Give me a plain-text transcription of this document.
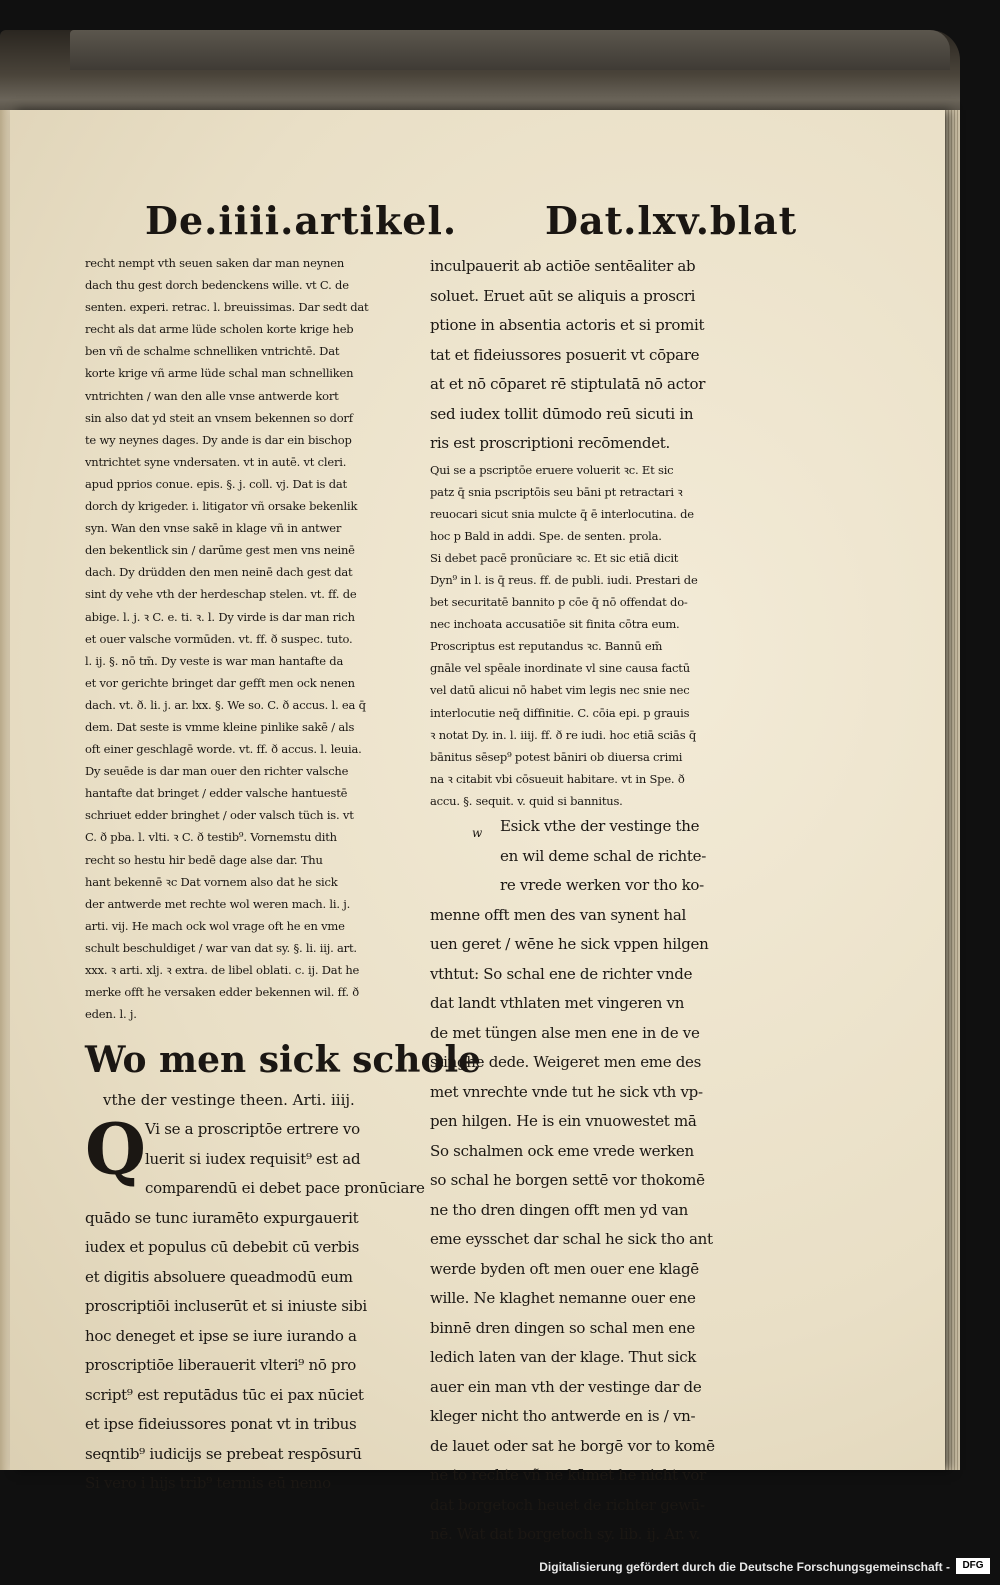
De.iiii.artikel. Dat.lxv.blat
recht nempt vth seuen saken dar man neynen
dach thu gest dorch bedenckens wille. vt C. de
senten. experi. retrac. l. breuissimas. Dar sedt dat
recht als dat arme lüde scholen korte krige heb
ben vñ de schalme schnelliken vntrichtē. Dat
korte krige vñ arme lüde schal man schnelliken
vntrichten / wan den alle vnse antwerde kort
sin also dat yd steit an vnsem bekennen so dorf
te wy neynes dages. Dy ande is dar ein bischop
vntrichtet syne vndersaten. vt in autē. vt cleri.
apud pprios conue. epis. §. j. coll. vj. Dat is dat
dorch dy krigeder. i. litigator vñ orsake bekenlik
syn. Wan den vnse sakē in klage vñ in antwer
den bekentlick sin / darūme gest men vns neinē
dach. Dy drüdden den men neinē dach gest dat
sint dy vehe vth der herdeschap stelen. vt. ff. de
abige. l. j. ꝛ C. e. ti. ꝛ. l. Dy virde is dar man rich
et ouer valsche vormūden. vt. ff. ð suspec. tuto.
l. ij. §. nō tm̄. Dy veste is war man hantafte da
et vor gerichte bringet dar gefft men ock nenen
dach. vt. ð. li. j. ar. lxx. §. We so. C. ð accus. l. ea q̄
dem. Dat seste is vmme kleine pinlike sakē / als
oft einer geschlagē worde. vt. ff. ð accus. l. leuia.
Dy seuēde is dar man ouer den richter valsche
hantafte dat bringet / edder valsche hantuestē
schriuet edder bringhet / oder valsch tüch is. vt
C. ð pba. l. vlti. ꝛ C. ð testib⁹. Vornemstu dith
recht so hestu hir bedē dage alse dar. Thu
hant bekennē ꝛc Dat vornem also dat he sick
der antwerde met rechte wol weren mach. li. j.
arti. vij. He mach ock wol vrage oft he en vme
schult beschuldiget / war van dat sy. §. li. iij. art.
xxx. ꝛ arti. xlj. ꝛ extra. de libel oblati. c. ij. Dat he
merke offt he versaken edder bekennen wil. ff. ð
eden. l. j.
Wo men sick schole
vthe der vestinge theen. Arti. iiij.
Q Vi se a proscriptōe ertrere vo
luerit si iudex requisit⁹ est ad
comparendū ei debet pace pronūciare
quādo se tunc iuramēto expurgauerit
iudex et populus cū debebit cū verbis
et digitis absoluere queadmodū eum
proscriptiōi incluserūt et si iniuste sibi
hoc deneget et ipse se iure iurando a
proscriptiōe liberauerit vlteri⁹ nō pro
script⁹ est reputādus tūc ei pax nūciet
et ipse fideiussores ponat vt in tribus
seqntib⁹ iudicijs se prebeat respōsurū
Si vero i hijs trib⁹ termis eū nemo
inculpauerit ab actiōe sentēaliter ab
soluet. Eruet aūt se aliquis a proscri
ptione in absentia actoris et si promit
tat et fideiussores posuerit vt cōpare
at et nō cōparet rē stiptulatā nō actor
sed iudex tollit dūmodo reū sicuti in
ris est proscriptioni recōmendet.
Qui se a pscriptōe eruere voluerit ꝛc. Et sic
patz q̄ snia pscriptōis seu bāni pt retractari ꝛ
reuocari sicut snia mulcte q̄ ē interlocutina. de
hoc p Bald in addi. Spe. de senten. prola.
Si debet pacē pronūciare ꝛc. Et sic etiā dicit
Dyn⁹ in l. is q̄ reus. ff. de publi. iudi. Prestari de
bet securitatē bannito p cōe q̄ nō offendat do-
nec inchoata accusatiōe sit finita cōtra eum.
Proscriptus est reputandus ꝛc. Bannū em̄
gnāle vel spēale inordinate vl sine causa factū
vel datū alicui nō habet vim legis nec snie nec
interlocutie neq̄ diffinitie. C. cōia epi. p grauis
ꝛ notat Dy. in. l. iiij. ff. ð re iudi. hoc etiā sciās q̄
bānitus sēsep⁹ potest bāniri ob diuersa crimi
na ꝛ citabit vbi cōsueuit habitare. vt in Spe. ð
accu. §. sequit. v. quid si bannitus.
w	Esick vthe der vestinge the
en wil deme schal de richte-
re vrede werken vor tho ko-
menne offt men des van synent hal
uen geret / wēne he sick vppen hilgen
vthtut: So schal ene de richter vnde
dat landt vthlaten met vingeren vn
de met tüngen alse men ene in de ve
stinghe dede. Weigeret men eme des
met vnrechte vnde tut he sick vth vp-
pen hilgen. He is ein vnuowestet mā
So schalmen ock eme vrede werken
so schal he borgen settē vor thokomē
ne tho dren dingen offt men yd van
eme eysschet dar schal he sick tho ant
werde byden oft men ouer ene klagē
wille. Ne klaghet nemanne ouer ene
binnē dren dingen so schal men ene
ledich laten van der klage. Thut sick
auer ein man vth der vestinge dar de
kleger nicht tho antwerde en is / vn-
de lauet oder sat he borgē vor to komē
ne to rechte vñ ne kūmet he nicht vor
dat borgetoch heuet de richter gewū-
nē. Wat dat borgetoch sy. lib. ij. Ar. v.
Digitalisierung gefördert durch die Deutsche Forschungsgemeinschaft -	DFG
